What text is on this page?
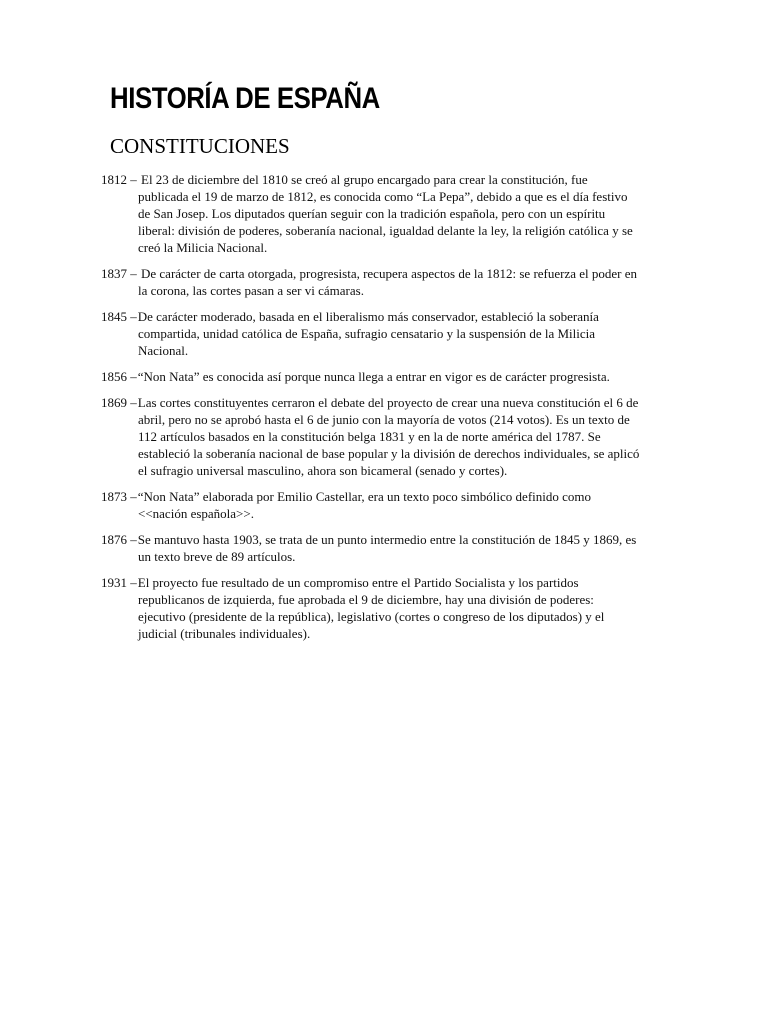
HISTORÍA DE ESPAÑA
CONSTITUCIONES

1812 – El 23 de diciembre del 1810 se creó al grupo encargado para crear la constitución, fue publicada el 19 de marzo de 1812, es conocida como “La Pepa”, debido a que es el día festivo de San Josep. Los diputados querían seguir con la tradición española, pero con un espíritu liberal: división de poderes, soberanía nacional, igualdad delante la ley, la religión católica y se creó la Milicia Nacional.

1837 – De carácter de carta otorgada, progresista, recupera aspectos de la 1812: se refuerza el poder en la corona, las cortes pasan a ser vi cámaras.

1845 –De carácter moderado, basada en el liberalismo más conservador, estableció la soberanía compartida, unidad católica de España, sufragio censatario y la suspensión de la Milicia Nacional.

1856 –“Non Nata” es conocida así porque nunca llega a entrar en vigor es de carácter progresista.

1869 –Las cortes constituyentes cerraron el debate del proyecto de crear una nueva constitución el 6 de abril, pero no se aprobó hasta el 6 de junio con la mayoría de votos (214 votos). Es un texto de 112 artículos basados en la constitución belga 1831 y en la de norte américa del 1787. Se estableció la soberanía nacional de base popular y la división de derechos individuales, se aplicó el sufragio universal masculino, ahora son bicameral (senado y cortes).

1873 –“Non Nata” elaborada por Emilio Castellar, era un texto poco simbólico definido como <<nación española>>.

1876 –Se mantuvo hasta 1903, se trata de un punto intermedio entre la constitución de 1845 y 1869, es un texto breve de 89 artículos.

1931 –El proyecto fue resultado de un compromiso entre el Partido Socialista y los partidos republicanos de izquierda, fue aprobada el 9 de diciembre, hay una división de poderes: ejecutivo (presidente de la república), legislativo (cortes o congreso de los diputados) y el judicial (tribunales individuales).
